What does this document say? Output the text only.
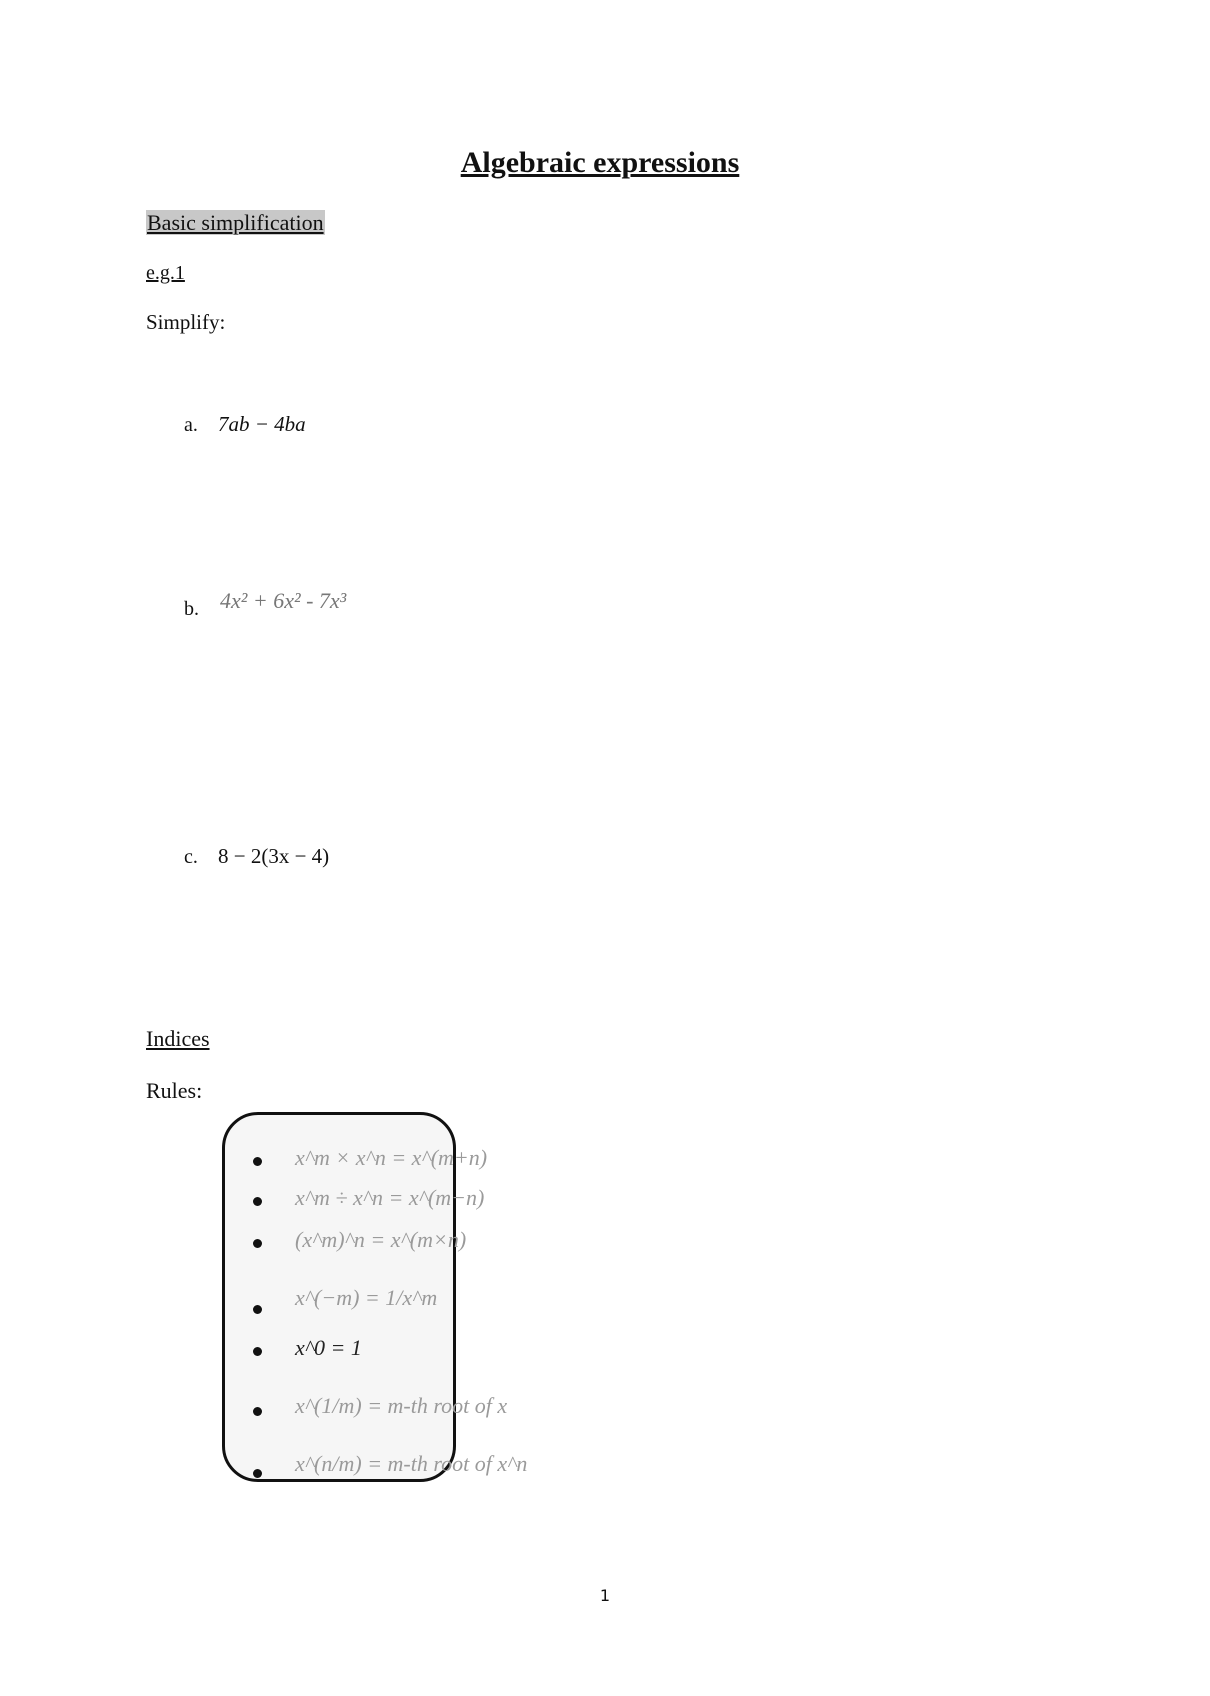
Algebraic expressions
Basic simplification
e.g.1
Simplify:
a. 7ab − 4ba
b. 4x² + 6x² - 7x³
c. 8 − 2(3x − 4)
Indices
Rules:
x^m × x^n = x^(m+n)
x^m ÷ x^n = x^(m−n)
(x^m)^n = x^(m×n)
x^(−m) = 1/x^m
x^0 = 1
x^(1/m) = m-th root of x
x^(n/m) = m-th root of x^n
1
